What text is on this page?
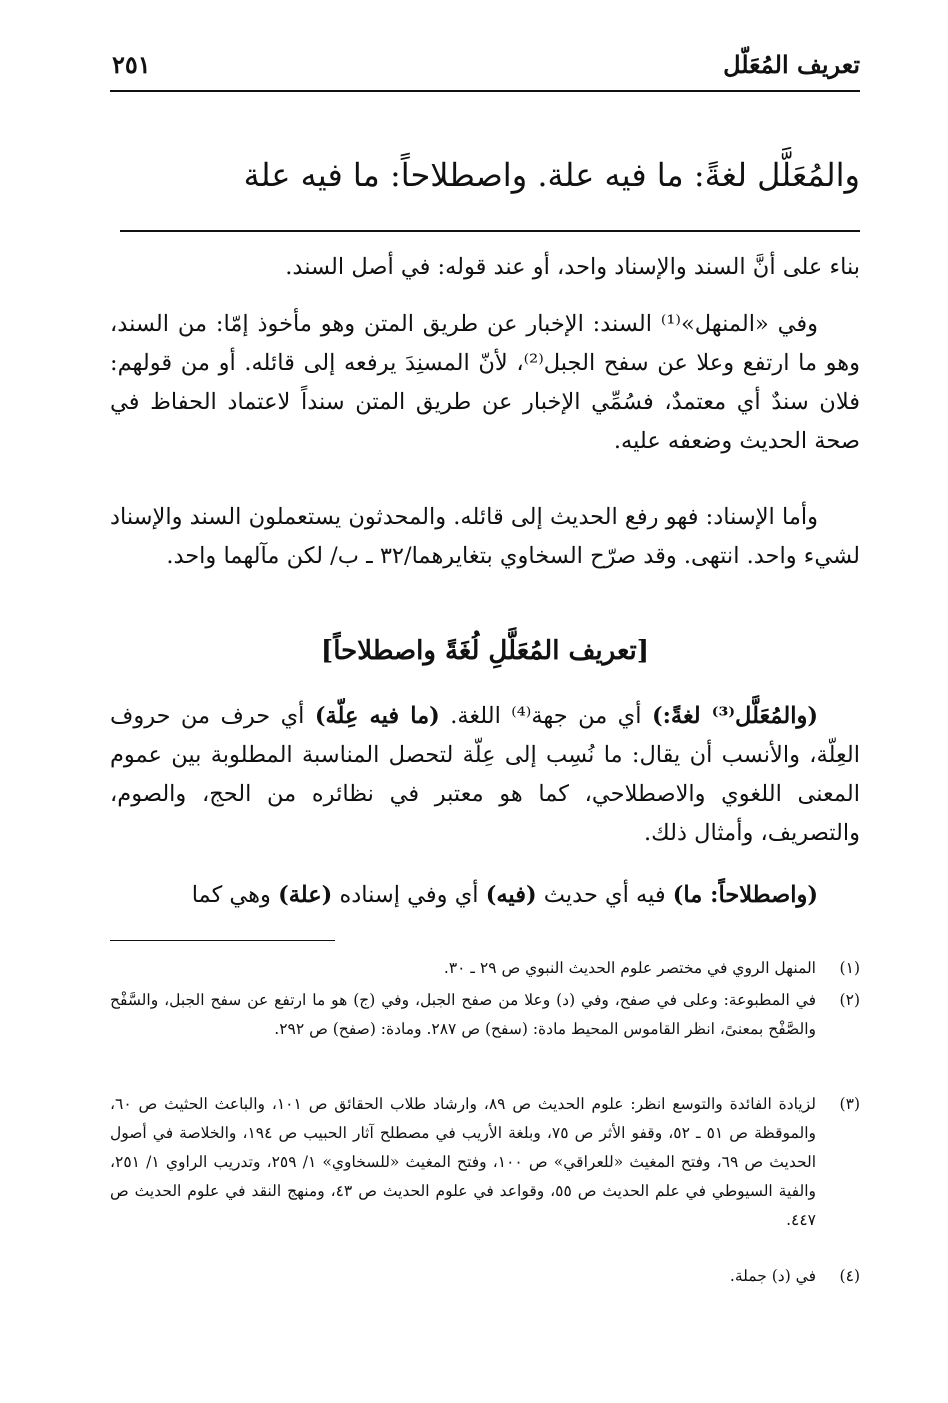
تعريف المُعَلّل
٢٥١
والمُعَلَّل لغةً: ما فيه علة. واصطلاحاً: ما فيه علة

بناء على أنَّ السند والإسناد واحد، أو عند قوله: في أصل السند.

وفي «المنهل»⁽¹⁾ السند: الإخبار عن طريق المتن وهو مأخوذ إمّا: من السند، وهو ما ارتفع وعلا عن سفح الجبل⁽²⁾، لأنّ المسنِدَ يرفعه إلى قائله. أو من قولهم: فلان سندٌ أي معتمدٌ، فسُمِّي الإخبار عن طريق المتن سنداً لاعتماد الحفاظ في صحة الحديث وضعفه عليه.

وأما الإسناد: فهو رفع الحديث إلى قائله. والمحدثون يستعملون السند والإسناد لشيء واحد. انتهى. وقد صرّح السخاوي بتغايرهما/٣٢ ـ ب/ لكن مآلهما واحد.

[تعريف المُعَلَّلِ لُغَةً واصطلاحاً]

(والمُعَلَّل⁽³⁾ لغةً:) أي من جهة⁽⁴⁾ اللغة. (ما فيه عِلّة) أي حرف من حروف العِلّة، والأنسب أن يقال: ما نُسِب إلى عِلّة لتحصل المناسبة المطلوبة بين عموم المعنى اللغوي والاصطلاحي، كما هو معتبر في نظائره من الحج، والصوم، والتصريف، وأمثال ذلك.

(واصطلاحاً: ما) فيه أي حديث (فيه) أي وفي إسناده (علة) وهي كما

(١)
المنهل الروي في مختصر علوم الحديث النبوي ص ٢٩ ـ ٣٠.
(٢)
في المطبوعة: وعلى في صفح، وفي (د) وعلا من صفح الجبل، وفي (ج) هو ما ارتفع عن سفح الجبل، والسَّفْح والصَّفْح بمعنىً، انظر القاموس المحيط مادة: (سفح) ص ٢٨٧. ومادة: (صفح) ص ٢٩٢.
(٣)
لزيادة الفائدة والتوسع انظر: علوم الحديث ص ٨٩، وارشاد طلاب الحقائق ص ١٠١، والباعث الحثيث ص ٦٠، والموقظة ص ٥١ ـ ٥٢، وقفو الأثر ص ٧٥، وبلغة الأريب في مصطلح آثار الحبيب ص ١٩٤، والخلاصة في أصول الحديث ص ٦٩، وفتح المغيث «للعراقي» ص ١٠٠، وفتح المغيث «للسخاوي» ١/ ٢٥٩، وتدريب الراوي ١/ ٢٥١، والفية السيوطي في علم الحديث ص ٥٥، وقواعد في علوم الحديث ص ٤٣، ومنهج النقد في علوم الحديث ص ٤٤٧.
(٤)
في (د) جملة.
